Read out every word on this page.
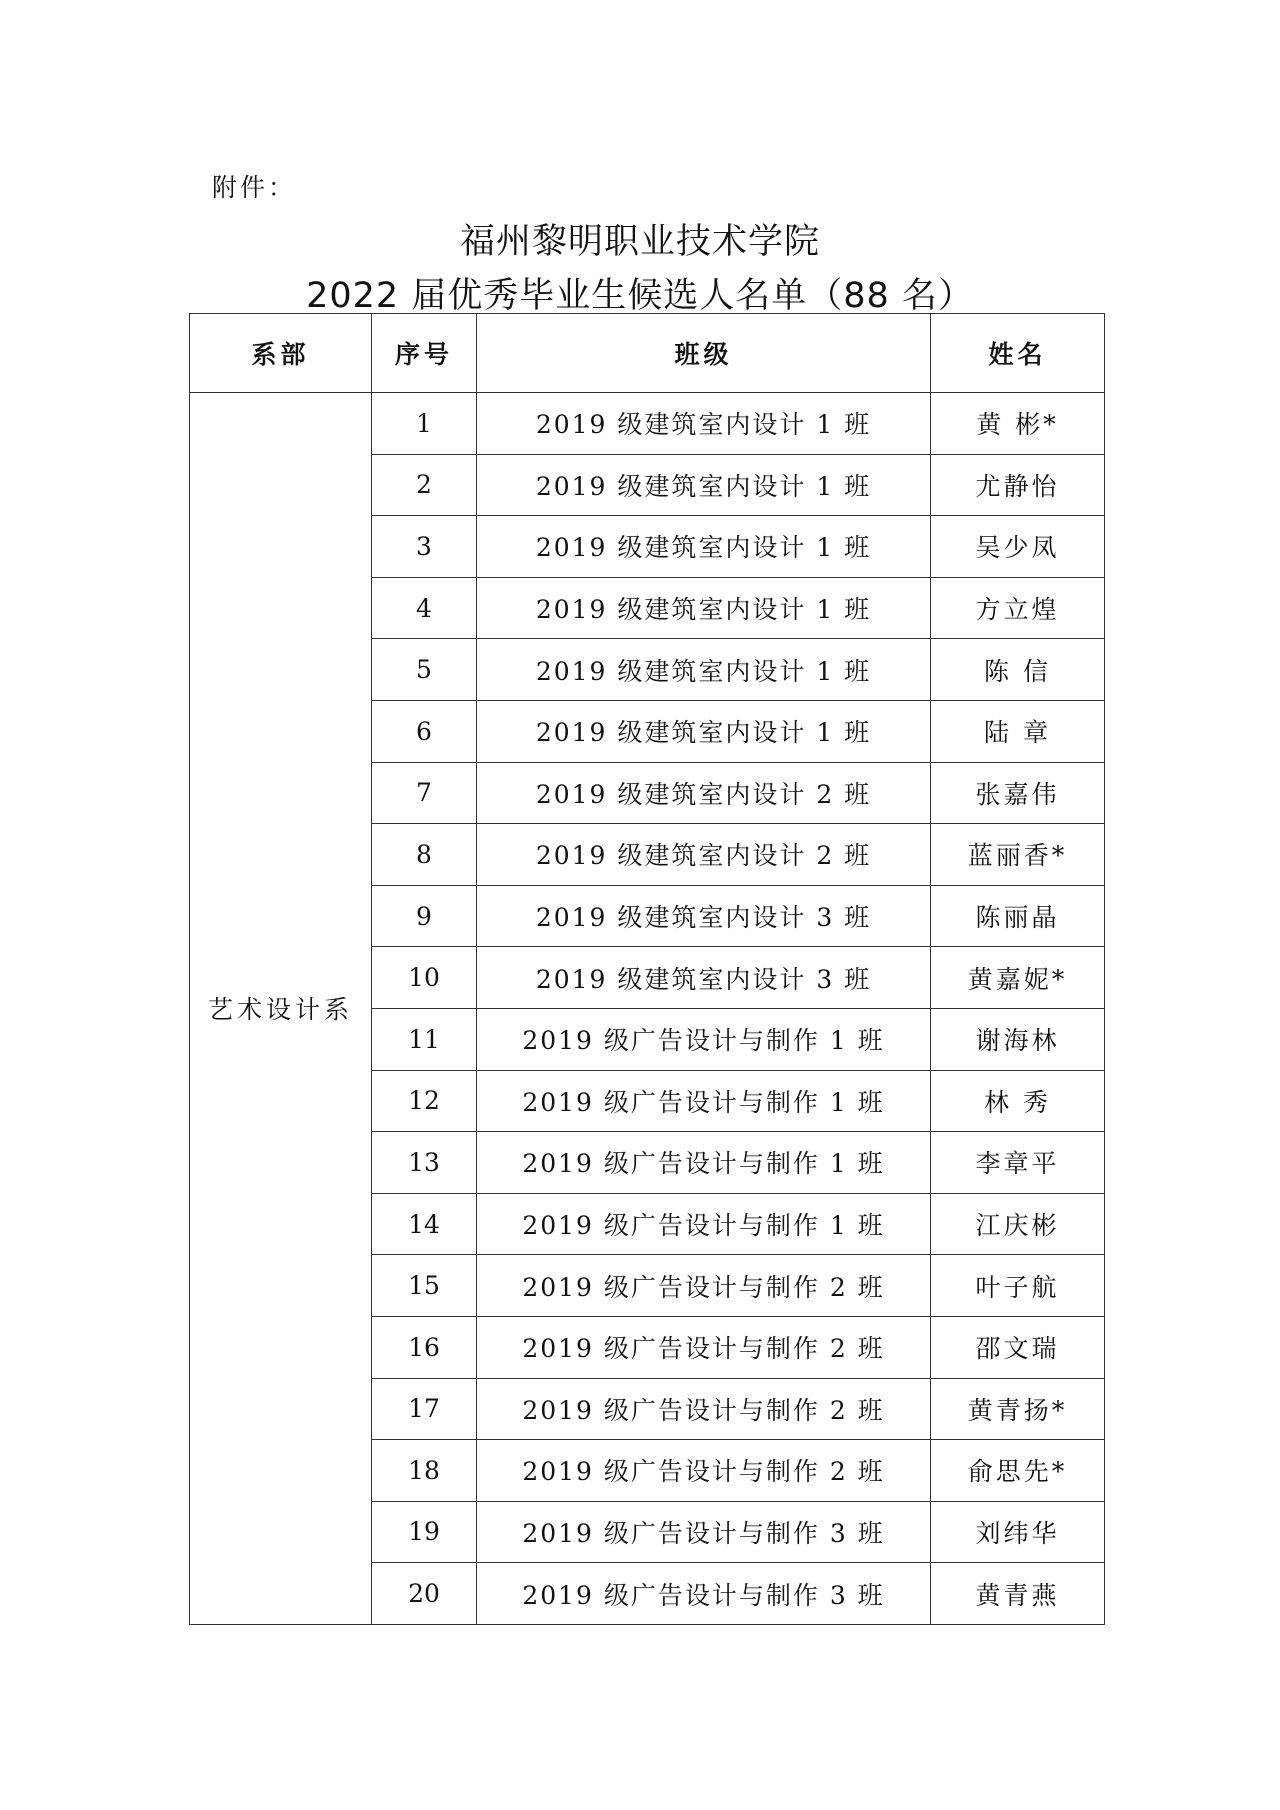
附件：
福州黎明职业技术学院
2022 届优秀毕业生候选人名单（88 名）
系部	序号	班级	姓名
艺术设计系	1	2019 级建筑室内设计 1 班	黄 彬*
	2	2019 级建筑室内设计 1 班	尤静怡
	3	2019 级建筑室内设计 1 班	吴少凤
	4	2019 级建筑室内设计 1 班	方立煌
	5	2019 级建筑室内设计 1 班	陈 信
	6	2019 级建筑室内设计 1 班	陆 章
	7	2019 级建筑室内设计 2 班	张嘉伟
	8	2019 级建筑室内设计 2 班	蓝丽香*
	9	2019 级建筑室内设计 3 班	陈丽晶
	10	2019 级建筑室内设计 3 班	黄嘉妮*
	11	2019 级广告设计与制作 1 班	谢海林
	12	2019 级广告设计与制作 1 班	林 秀
	13	2019 级广告设计与制作 1 班	李章平
	14	2019 级广告设计与制作 1 班	江庆彬
	15	2019 级广告设计与制作 2 班	叶子航
	16	2019 级广告设计与制作 2 班	邵文瑞
	17	2019 级广告设计与制作 2 班	黄青扬*
	18	2019 级广告设计与制作 2 班	俞思先*
	19	2019 级广告设计与制作 3 班	刘纬华
	20	2019 级广告设计与制作 3 班	黄青燕
